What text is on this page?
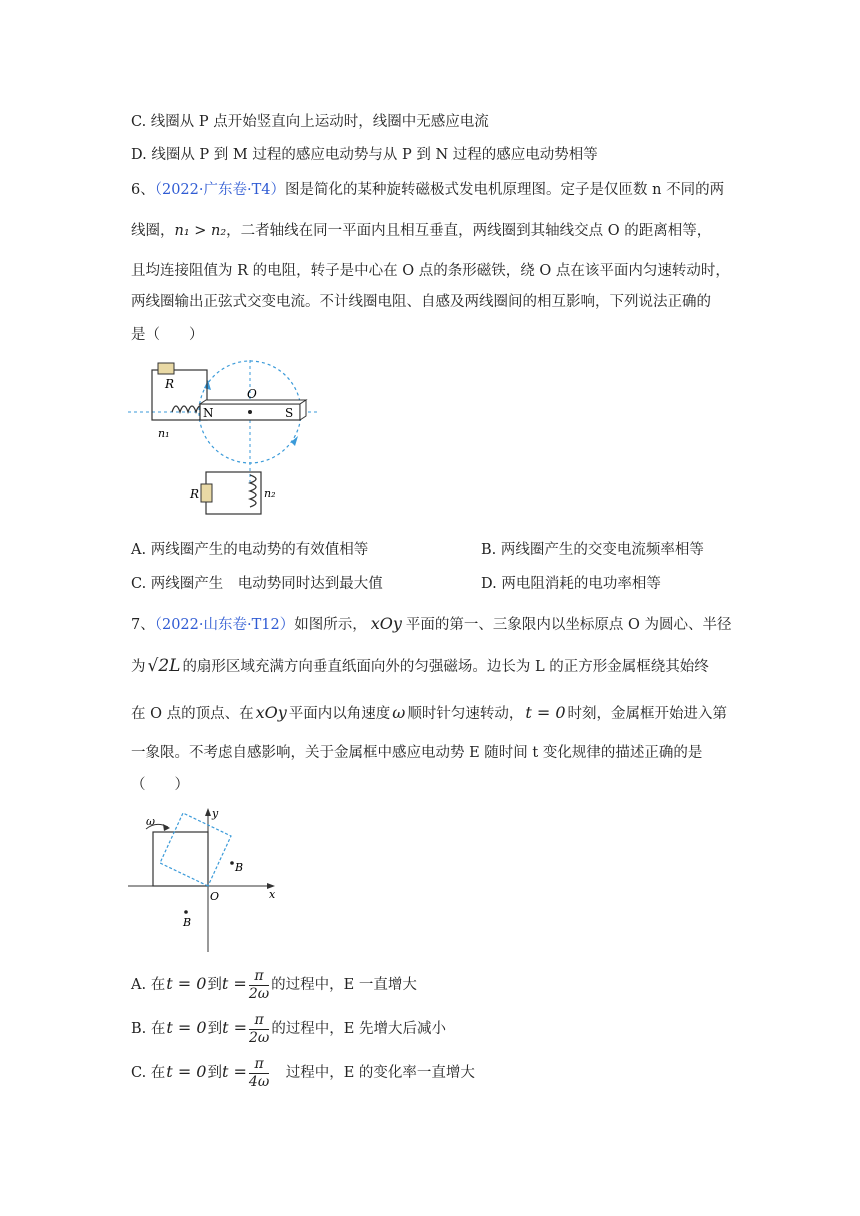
C. 线圈从 P 点开始竖直向上运动时，线圈中无感应电流
D. 线圈从 P 到 M 过程的感应电动势与从 P 到 N 过程的感应电动势相等
6、（2022·广东卷·T4）图是简化的某种旋转磁极式发电机原理图。定子是仅匝数 n 不同的两
线圈，n₁ > n₂，二者轴线在同一平面内且相互垂直，两线圈到其轴线交点 O 的距离相等，
且均连接阻值为 R 的电阻，转子是中心在 O 点的条形磁铁，绕 O 点在该平面内匀速转动时，
两线圈输出正弦式交变电流。不计线圈电阻、自感及两线圈间的相互影响，下列说法正确的
是（　　）
R
n₁
N	S
O
R	n₂
A. 两线圈产生的电动势的有效值相等	B. 两线圈产生的交变电流频率相等
C. 两线圈产生　电动势同时达到最大值	D. 两电阻消耗的电功率相等
7、（2022·山东卷·T12）如图所示， xOy 平面的第一、三象限内以坐标原点 O 为圆心、半径
为 √2L 的扇形区域充满方向垂直纸面向外的匀强磁场。边长为 L 的正方形金属框绕其始终
在 O 点的顶点、在 xOy 平面内以角速度 ω 顺时针匀速转动， t = 0 时刻，金属框开始进入第
一象限。不考虑自感影响，关于金属框中感应电动势 E 随时间 t 变化规律的描述正确的是
（　　）
y
x
O
ω
B
B
A. 在t = 0到$t = \frac{\pi}{2\omega}$ 的过程中，E 一直增大
B. 在t = 0到$t = \frac{\pi}{2\omega}$ 的过程中，E 先增大后减小
C. 在t = 0到$t = \frac{\pi}{4\omega}$ 　过程中，E 的变化率一直增大
